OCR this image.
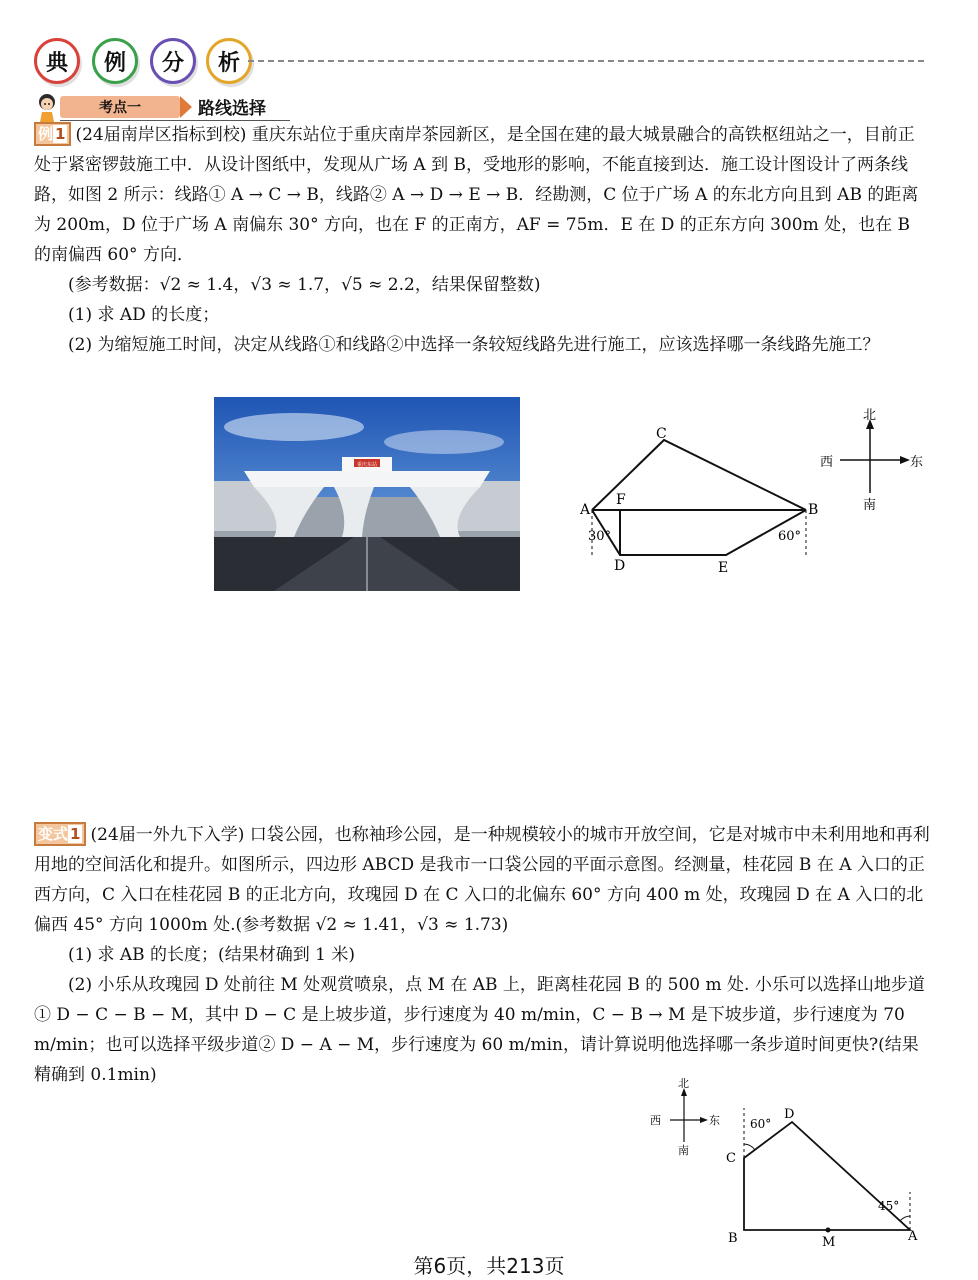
典	例	分	析
考点一	路线选择

例 1 (24届南岸区指标到校) 重庆东站位于重庆南岸茶园新区，是全国在建的最大城景融合的高铁枢纽站之一，目前正处于紧密锣鼓施工中．从设计图纸中，发现从广场 A 到 B，受地形的影响，不能直接到达．施工设计图设计了两条线路，如图 2 所示：线路① A → C → B，线路② A → D → E → B．经勘测，C 位于广场 A 的东北方向且到 AB 的距离为 200m，D 位于广场 A 南偏东 30° 方向，也在 F 的正南方，AF = 75m．E 在 D 的正东方向 300m 处，也在 B 的南偏西 60° 方向．

(参考数据：√2 ≈ 1.4，√3 ≈ 1.7，√5 ≈ 2.2，结果保留整数)

(1) 求 AD 的长度；

(2) 为缩短施工时间，决定从线路①和线路②中选择一条较短线路先进行施工，应该选择哪一条线路先施工？

重庆东站
C
A
F
B
D	E
30°	60°
北
南
东
西

变式 1 (24届一外九下入学) 口袋公园，也称袖珍公园，是一种规模较小的城市开放空间，它是对城市中未利用地和再利用地的空间活化和提升。如图所示，四边形 ABCD 是我市一口袋公园的平面示意图。经测量，桂花园 B 在 A 入口的正西方向，C 入口在桂花园 B 的正北方向，玫瑰园 D 在 C 入口的北偏东 60° 方向 400 m 处，玫瑰园 D 在 A 入口的北偏西 45° 方向 1000m 处.(参考数据 √2 ≈ 1.41，√3 ≈ 1.73)

(1) 求 AB 的长度；(结果材确到 1 米)

(2) 小乐从玫瑰园 D 处前往 M 处观赏喷泉，点 M 在 AB 上，距离桂花园 B 的 500 m 处. 小乐可以选择山地步道① D − C − B − M，其中 D − C 是上坡步道，步行速度为 40 m/min，C − B → M 是下坡步道，步行速度为 70 m/min；也可以选择平级步道② D − A − M，步行速度为 60 m/min，请计算说明他选择哪一条步道时间更快?(结果精确到 0.1min)	北
南
东
西	D
C
B	M	A
60°
45°
第6页，共213页
